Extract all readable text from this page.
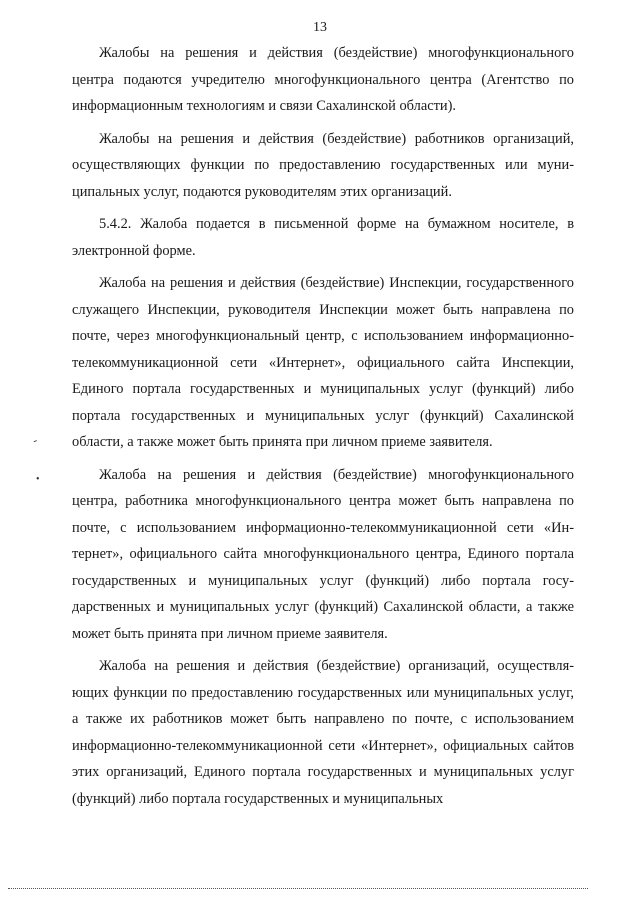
13

Жалобы на решения и действия (бездействие) многофункционального центра подаются учредителю многофункционального центра (Агентство по информационным технологиям и связи Сахалинской области).

Жалобы на решения и действия (бездействие) работников организаций, осуществляющих функции по предоставлению государственных или муниципальных услуг, подаются руководителям этих организаций.

5.4.2. Жалоба подается в письменной форме на бумажном носителе, в электронной форме.

Жалоба на решения и действия (бездействие) Инспекции, государственного служащего Инспекции, руководителя Инспекции может быть направлена по почте, через многофункциональный центр, с использованием информационно-телекоммуникационной сети «Интернет», официального сайта Инспекции, Единого портала государственных и муниципальных услуг (функций) либо портала государственных и муниципальных услуг (функций) Сахалинской области, а также может быть принята при личном приеме заявителя.

Жалоба на решения и действия (бездействие) многофункционального центра, работника многофункционального центра может быть направлена по почте, с использованием информационно-телекоммуникационной сети «Интернет», официального сайта многофункционального центра, Единого портала государственных и муниципальных услуг (функций) либо портала государственных и муниципальных услуг (функций) Сахалинской области, а также может быть принята при личном приеме заявителя.

Жалоба на решения и действия (бездействие) организаций, осуществляющих функции по предоставлению государственных или муниципальных услуг, а также их работников может быть направлено по почте, с использованием информационно-телекоммуникационной сети «Интернет», официальных сайтов этих организаций, Единого портала государственных и муниципальных услуг (функций) либо портала государственных и муниципальных

‐
•
